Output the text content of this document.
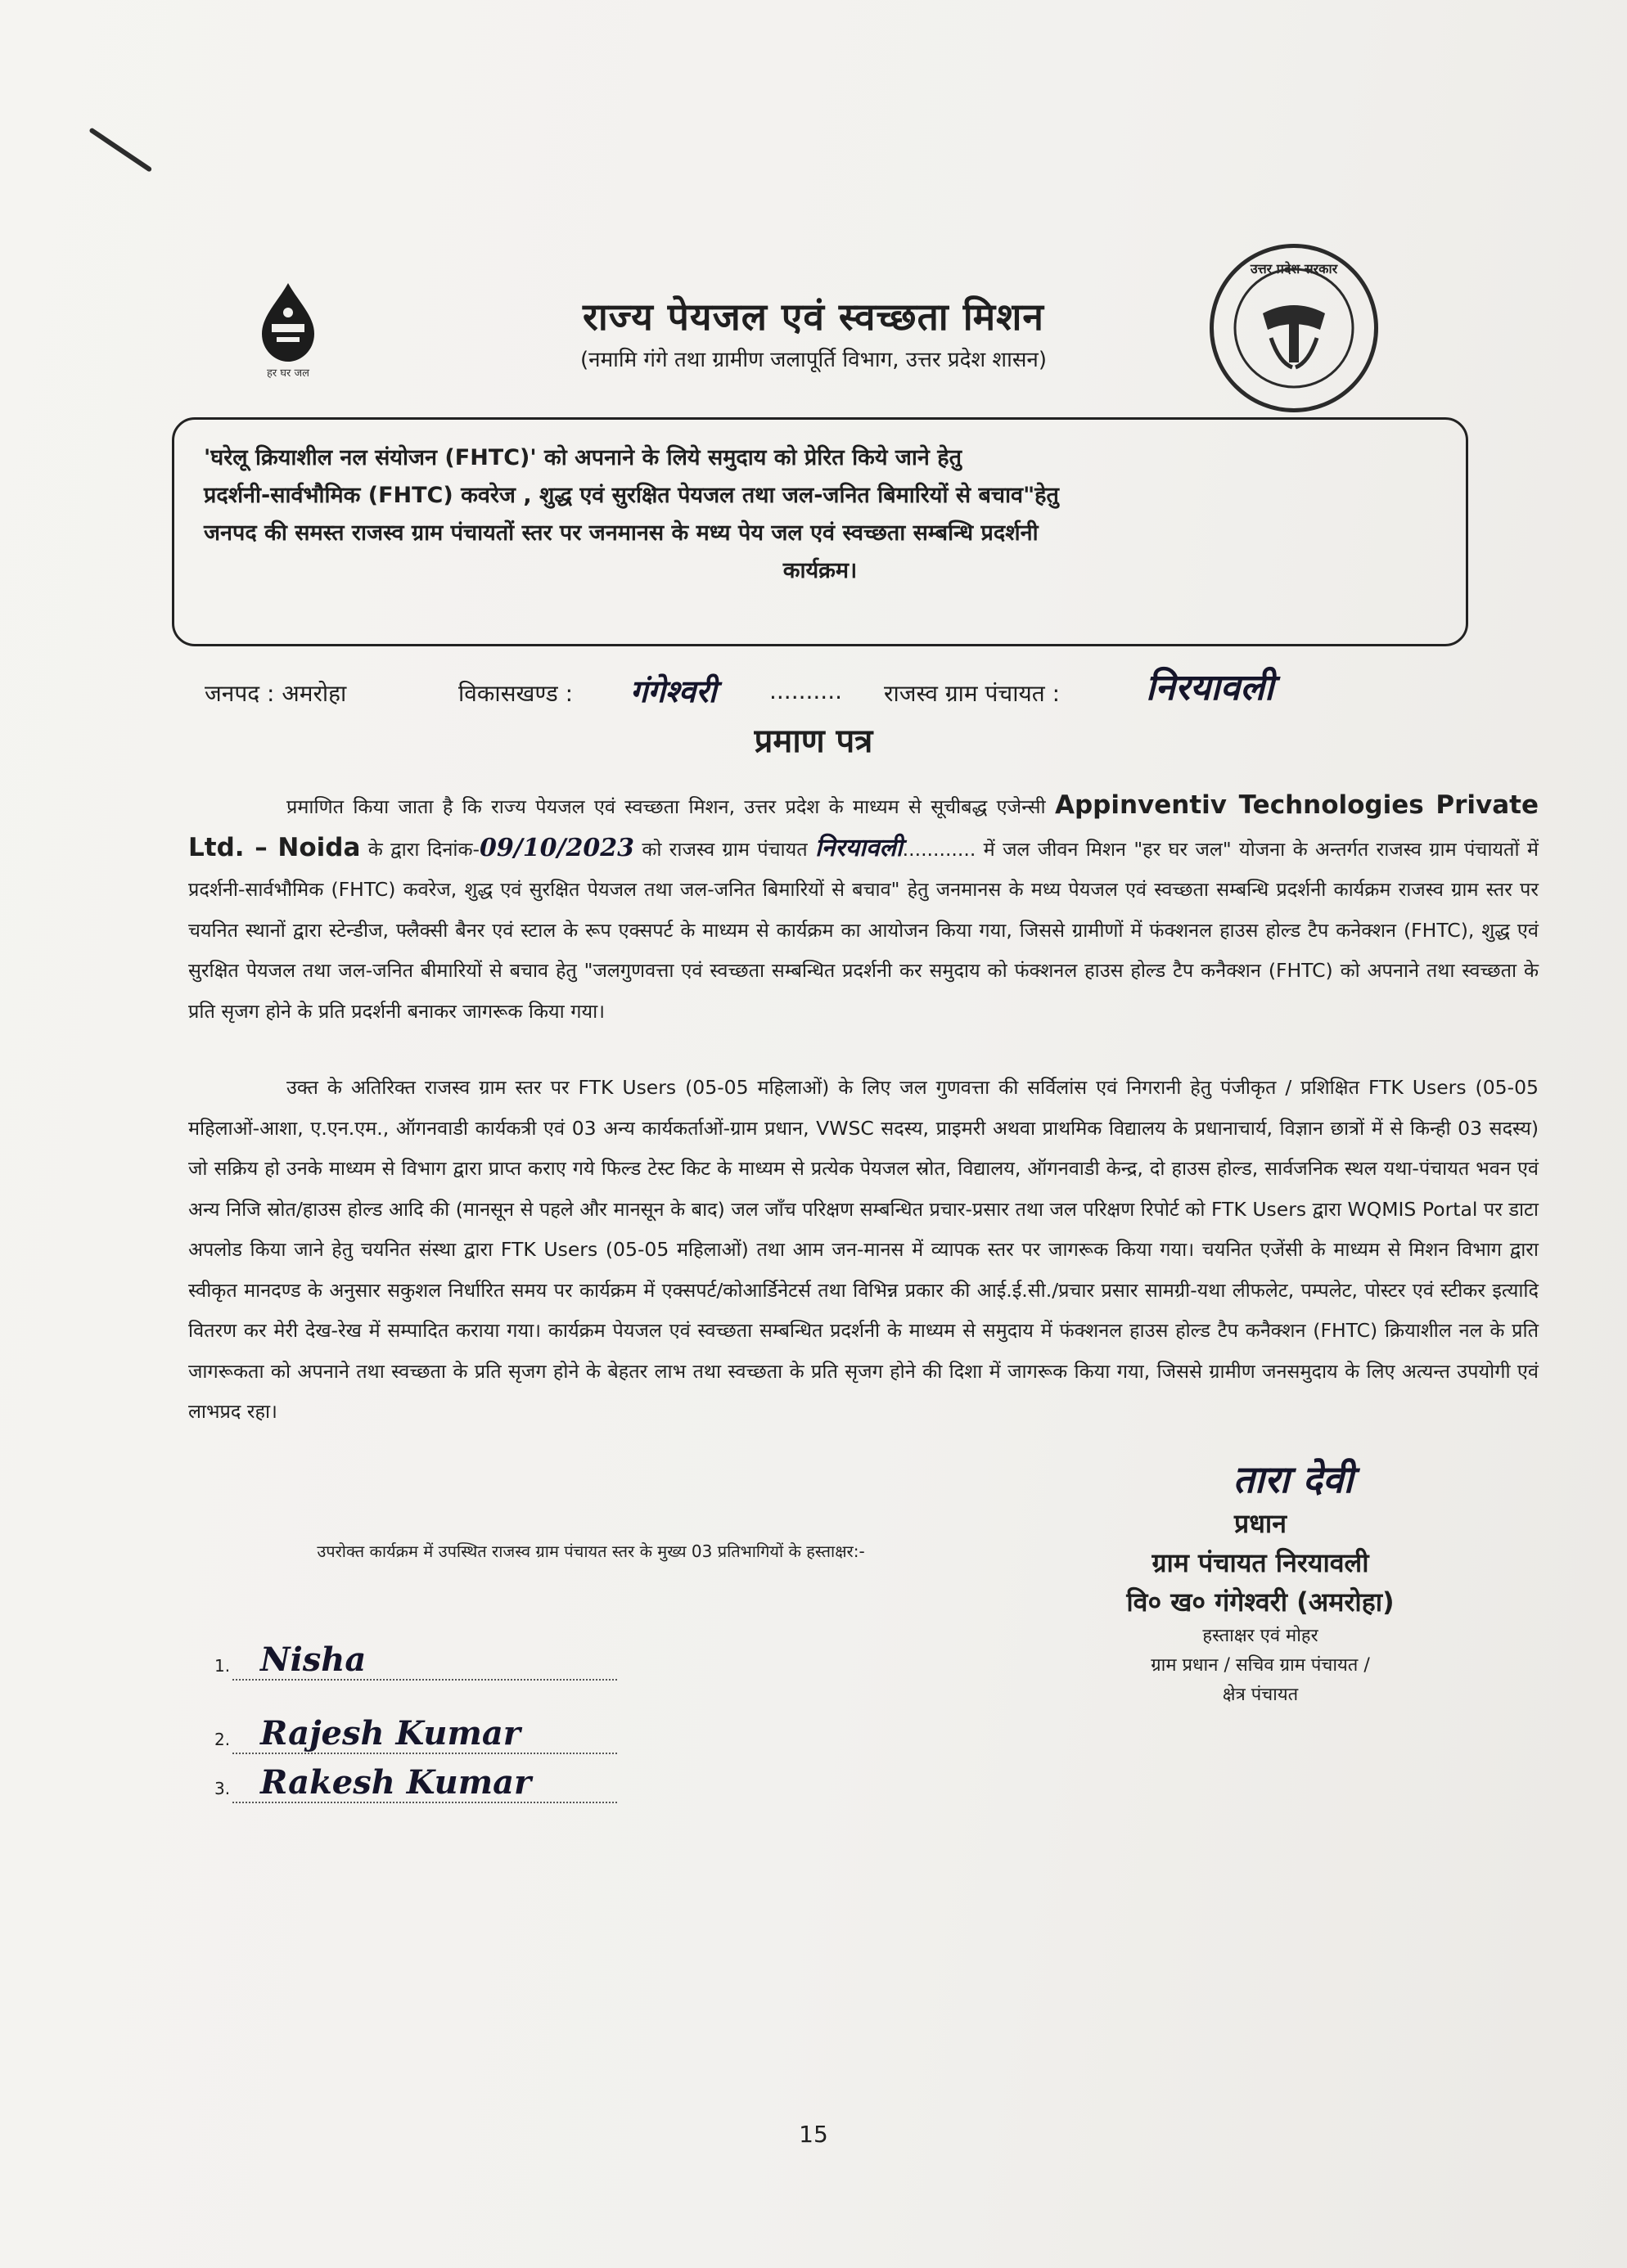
हर घर जल
राज्य पेयजल एवं स्वच्छता मिशन
(नमामि गंगे तथा ग्रामीण जलापूर्ति विभाग, उत्तर प्रदेश शासन)
उत्तर प्रदेश सरकार
'घरेलू क्रियाशील नल संयोजन (FHTC)' को अपनाने के लिये समुदाय को प्रेरित किये जाने हेतु
प्रदर्शनी-सार्वभौमिक (FHTC) कवरेज , शुद्ध एवं सुरक्षित पेयजल तथा जल-जनित बिमारियों से बचाव"हेतु
जनपद की समस्त राजस्व ग्राम पंचायतों स्तर पर जनमानस के मध्य पेय जल एवं स्वच्छता सम्बन्धि प्रदर्शनी
कार्यक्रम।
जनपद : अमरोहा	विकासखण्ड : गंगेश्वरी .......... राजस्व ग्राम पंचायत : निरयावली
प्रमाण पत्र
प्रमाणित किया जाता है कि राज्य पेयजल एवं स्वच्छता मिशन, उत्तर प्रदेश के माध्यम से सूचीबद्ध एजेन्सी Appinventiv Technologies Private Ltd. – Noida के द्वारा दिनांक-09/10/2023 को राजस्व ग्राम पंचायत निरयावली............ में जल जीवन मिशन "हर घर जल" योजना के अन्तर्गत राजस्व ग्राम पंचायतों में प्रदर्शनी-सार्वभौमिक (FHTC) कवरेज, शुद्ध एवं सुरक्षित पेयजल तथा जल-जनित बिमारियों से बचाव" हेतु जनमानस के मध्य पेयजल एवं स्वच्छता सम्बन्धि प्रदर्शनी कार्यक्रम राजस्व ग्राम स्तर पर चयनित स्थानों द्वारा स्टेन्डीज, फ्लैक्सी बैनर एवं स्टाल के रूप एक्सपर्ट के माध्यम से कार्यक्रम का आयोजन किया गया, जिससे ग्रामीणों में फंक्शनल हाउस होल्ड टैप कनेक्शन (FHTC), शुद्ध एवं सुरक्षित पेयजल तथा जल-जनित बीमारियों से बचाव हेतु "जलगुणवत्ता एवं स्वच्छता सम्बन्धित प्रदर्शनी कर समुदाय को फंक्शनल हाउस होल्ड टैप कनैक्शन (FHTC) को अपनाने तथा स्वच्छता के प्रति सृजग होने के प्रति प्रदर्शनी बनाकर जागरूक किया गया।
उक्त के अतिरिक्त राजस्व ग्राम स्तर पर FTK Users (05-05 महिलाओं) के लिए जल गुणवत्ता की सर्विलांस एवं निगरानी हेतु पंजीकृत / प्रशिक्षित FTK Users (05-05 महिलाओं-आशा, ए.एन.एम., ऑगनवाडी कार्यकत्री एवं 03 अन्य कार्यकर्ताओं-ग्राम प्रधान, VWSC सदस्य, प्राइमरी अथवा प्राथमिक विद्यालय के प्रधानाचार्य, विज्ञान छात्रों में से किन्ही 03 सदस्य) जो सक्रिय हो उनके माध्यम से विभाग द्वारा प्राप्त कराए गये फिल्ड टेस्ट किट के माध्यम से प्रत्येक पेयजल स्रोत, विद्यालय, ऑगनवाडी केन्द्र, दो हाउस होल्ड, सार्वजनिक स्थल यथा-पंचायत भवन एवं अन्य निजि स्रोत/हाउस होल्ड आदि की (मानसून से पहले और मानसून के बाद) जल जाँच परिक्षण सम्बन्धित प्रचार-प्रसार तथा जल परिक्षण रिपोर्ट को FTK Users द्वारा WQMIS Portal पर डाटा अपलोड किया जाने हेतु चयनित संस्था द्वारा FTK Users (05-05 महिलाओं) तथा आम जन-मानस में व्यापक स्तर पर जागरूक किया गया। चयनित एजेंसी के माध्यम से मिशन विभाग द्वारा स्वीकृत मानदण्ड के अनुसार सकुशल निर्धारित समय पर कार्यक्रम में एक्सपर्ट/कोआर्डिनेटर्स तथा विभिन्न प्रकार की आई.ई.सी./प्रचार प्रसार सामग्री-यथा लीफलेट, पम्पलेट, पोस्टर एवं स्टीकर इत्यादि वितरण कर मेरी देख-रेख में सम्पादित कराया गया। कार्यक्रम पेयजल एवं स्वच्छता सम्बन्धित प्रदर्शनी के माध्यम से समुदाय में फंक्शनल हाउस होल्ड टैप कनैक्शन (FHTC) क्रियाशील नल के प्रति जागरूकता को अपनाने तथा स्वच्छता के प्रति सृजग होने के बेहतर लाभ तथा स्वच्छता के प्रति सृजग होने की दिशा में जागरूक किया गया, जिससे ग्रामीण जनसमुदाय के लिए अत्यन्त उपयोगी एवं लाभप्रद रहा।
तारा देवी
प्रधान
ग्राम पंचायत निरयावली
वि० ख० गंगेश्वरी (अमरोहा)
हस्ताक्षर एवं मोहर
ग्राम प्रधान / सचिव ग्राम पंचायत /
क्षेत्र पंचायत
उपरोक्त कार्यक्रम में उपस्थित राजस्व ग्राम पंचायत स्तर के मुख्य 03 प्रतिभागियों के हस्ताक्षर:-
1. Nisha
2. Rajesh Kumar
3. Rakesh Kumar
15
